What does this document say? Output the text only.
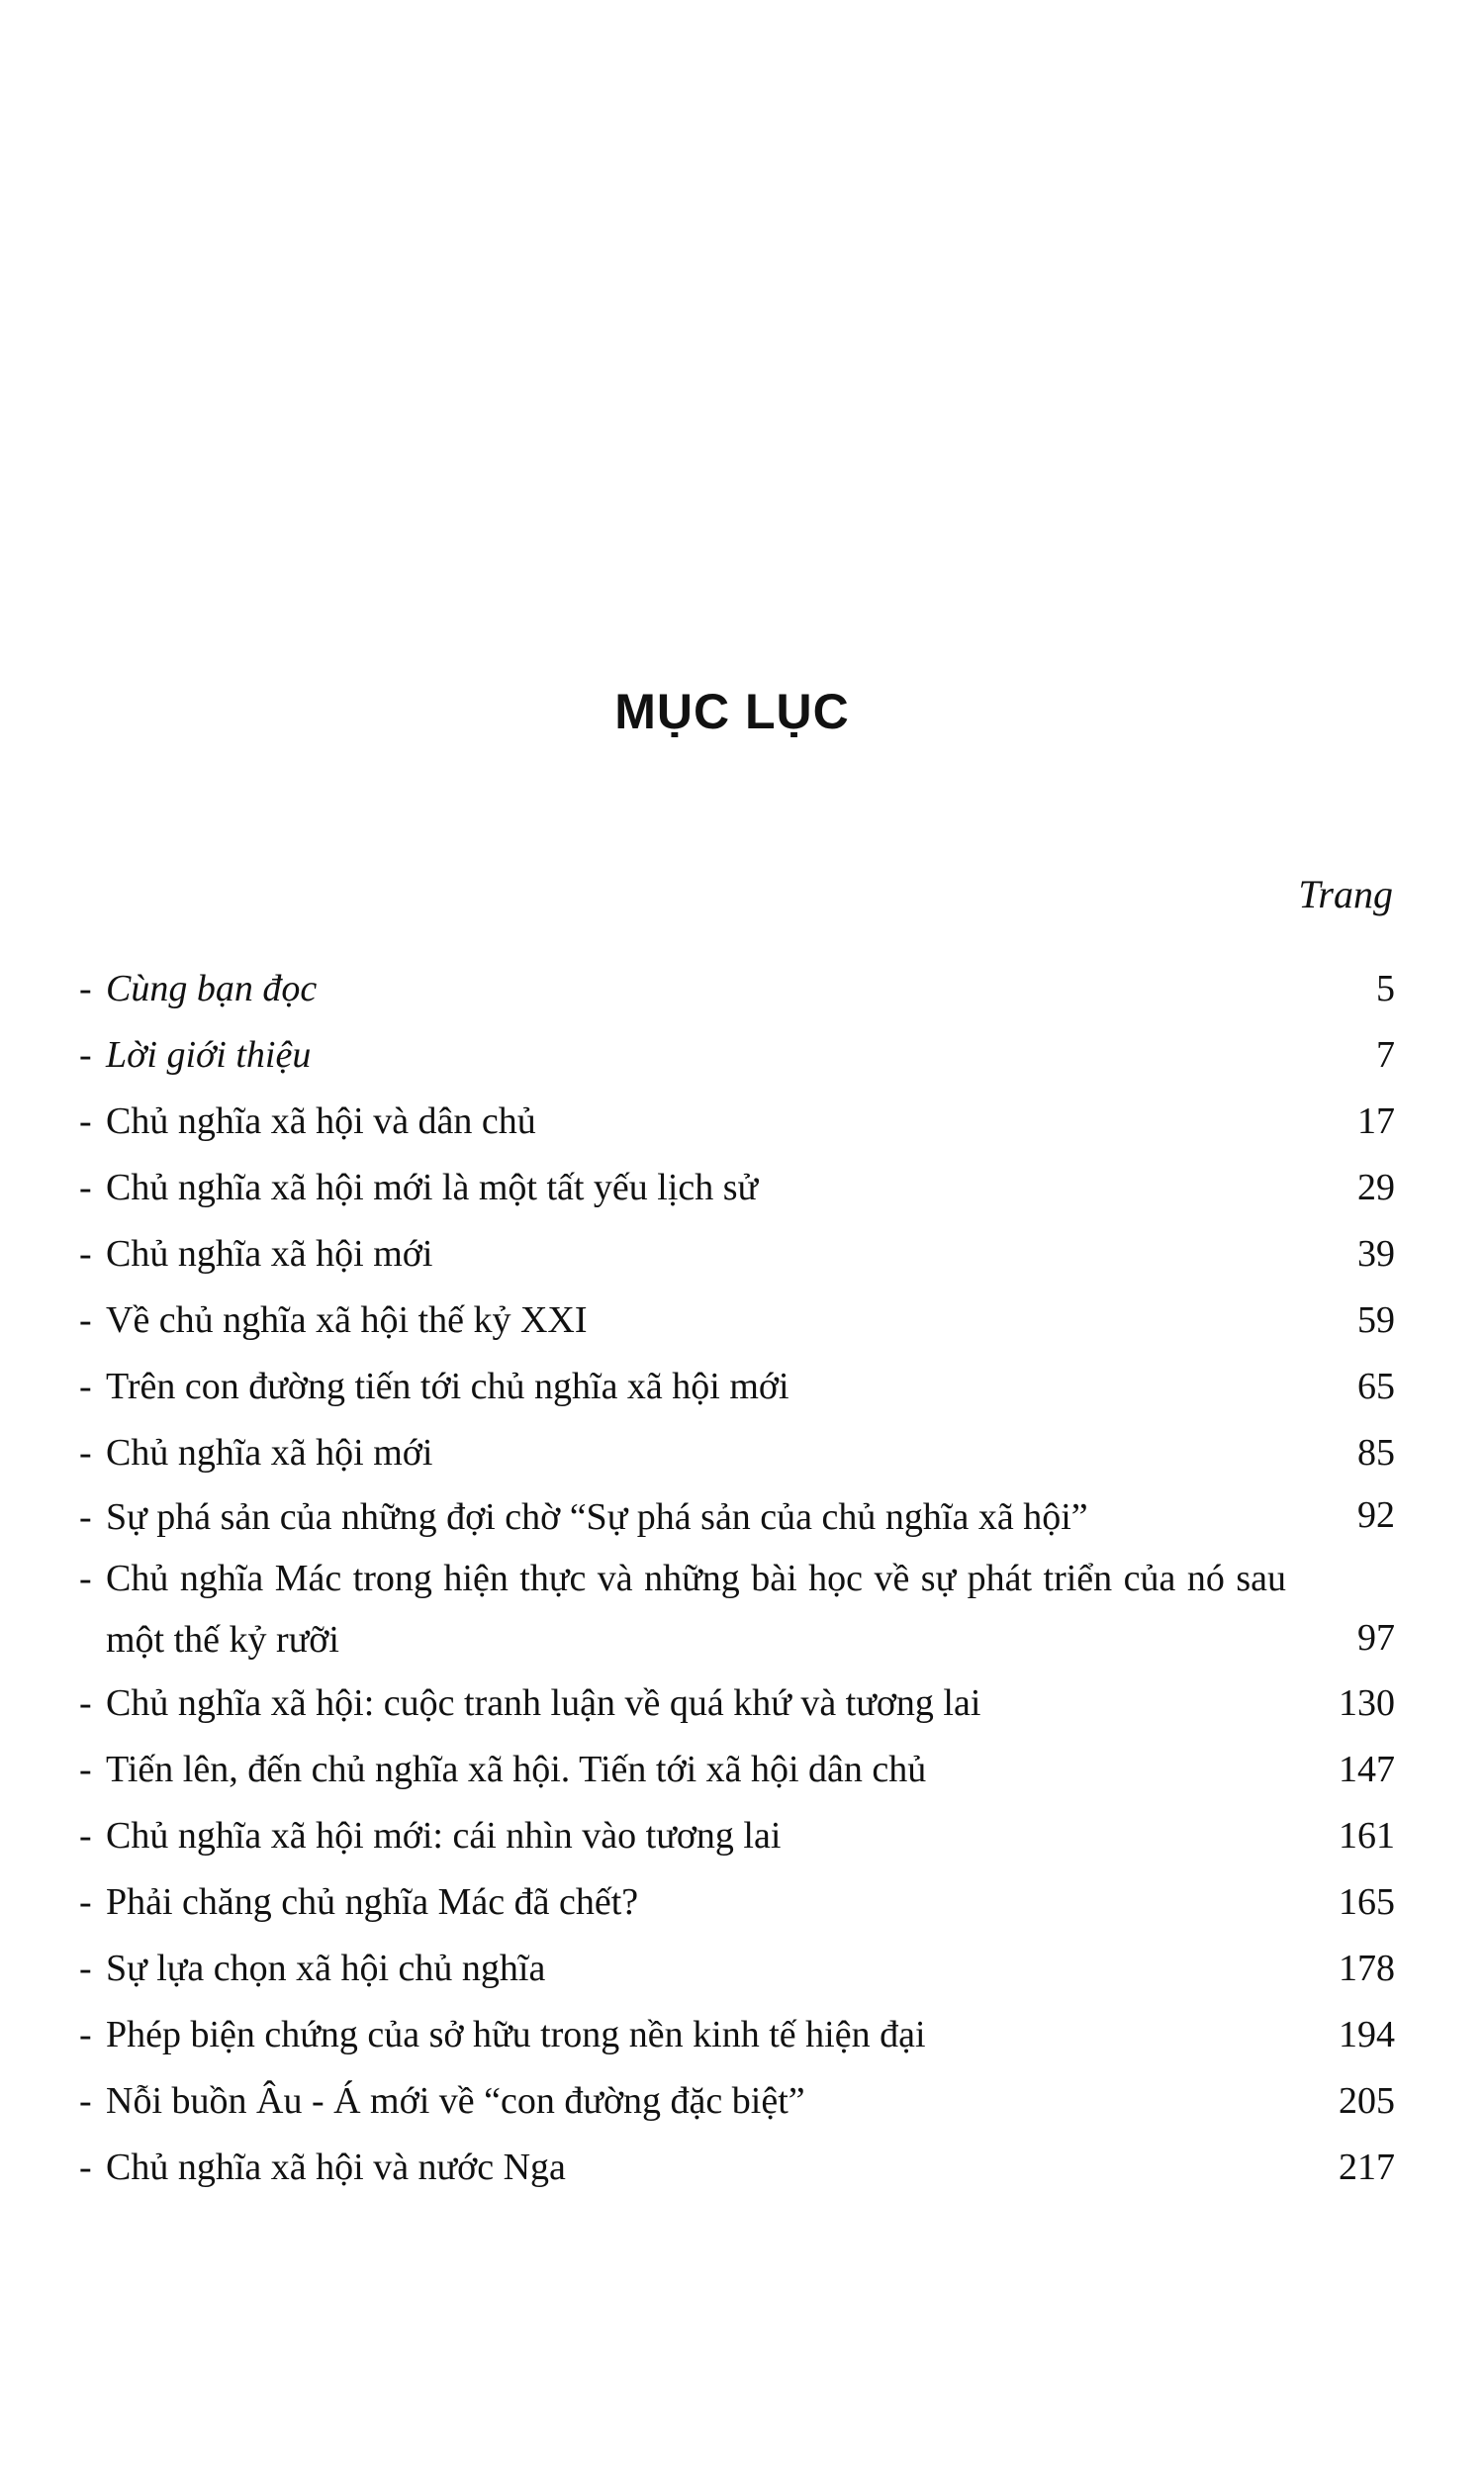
MỤC LỤC
Trang
- Cùng bạn đọc	5
- Lời giới thiệu	7
- Chủ nghĩa xã hội và dân chủ	17
- Chủ nghĩa xã hội mới là một tất yếu lịch sử	29
- Chủ nghĩa xã hội mới	39
- Về chủ nghĩa xã hội thế kỷ XXI	59
- Trên con đường tiến tới chủ nghĩa xã hội mới	65
- Chủ nghĩa xã hội mới	85
- Sự phá sản của những đợi chờ “Sự phá sản của chủ nghĩa xã hội”	92
- Chủ nghĩa Mác trong hiện thực và những bài học về sự phát triển của nó sau một thế kỷ rưỡi	97
- Chủ nghĩa xã hội: cuộc tranh luận về quá khứ và tương lai	130
- Tiến lên, đến chủ nghĩa xã hội. Tiến tới xã hội dân chủ	147
- Chủ nghĩa xã hội mới: cái nhìn vào tương lai	161
- Phải chăng chủ nghĩa Mác đã chết?	165
- Sự lựa chọn xã hội chủ nghĩa	178
- Phép biện chứng của sở hữu trong nền kinh tế hiện đại	194
- Nỗi buồn Âu - Á mới về “con đường đặc biệt”	205
- Chủ nghĩa xã hội và nước Nga	217
